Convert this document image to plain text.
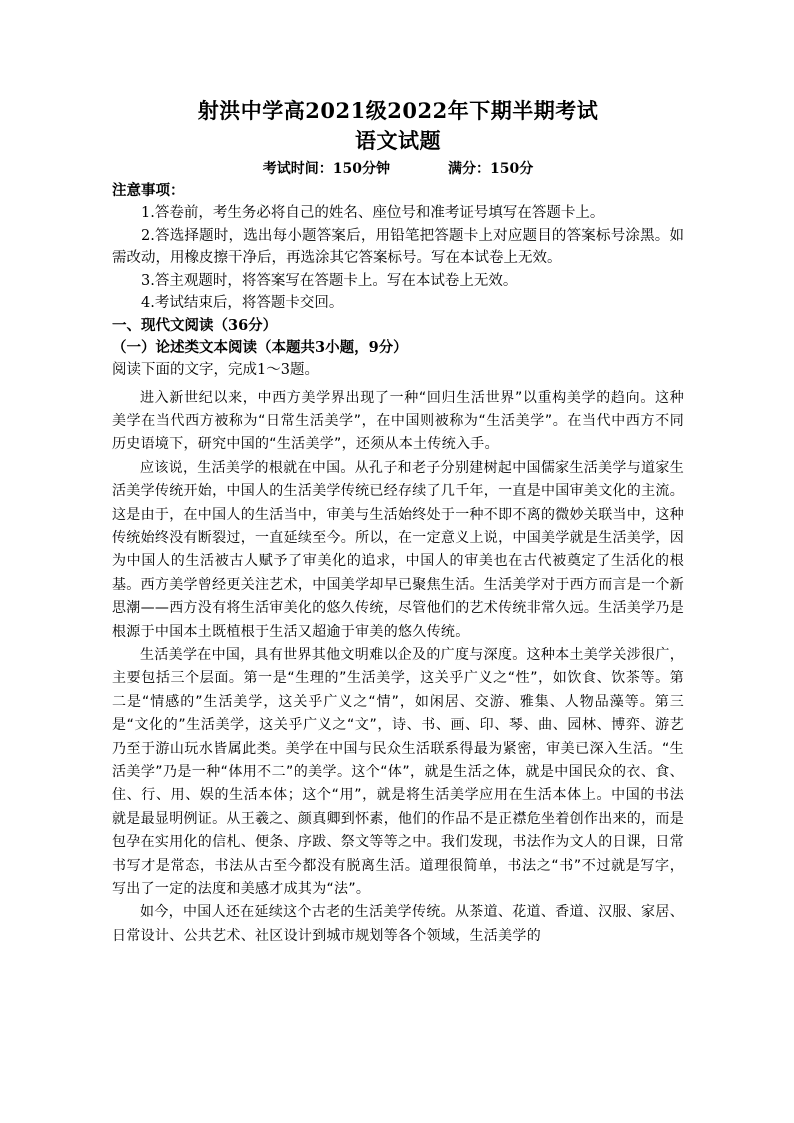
射洪中学高2021级2022年下期半期考试
语文试题
考试时间：150分钟	满分：150分

注意事项：

1.答卷前，考生务必将自己的姓名、座位号和准考证号填写在答题卡上。

2.答选择题时，选出每小题答案后，用铅笔把答题卡上对应题目的答案标号涂黑。如需改动，用橡皮擦干净后，再选涂其它答案标号。写在本试卷上无效。

3.答主观题时，将答案写在答题卡上。写在本试卷上无效。

4.考试结束后，将答题卡交回。

一、现代文阅读（36分）

（一）论述类文本阅读（本题共3小题，9分）

阅读下面的文字，完成1～3题。

进入新世纪以来，中西方美学界出现了一种“回归生活世界”以重构美学的趋向。这种美学在当代西方被称为“日常生活美学”，在中国则被称为“生活美学”。在当代中西方不同历史语境下，研究中国的“生活美学”，还须从本土传统入手。

应该说，生活美学的根就在中国。从孔子和老子分别建树起中国儒家生活美学与道家生活美学传统开始，中国人的生活美学传统已经存续了几千年，一直是中国审美文化的主流。这是由于，在中国人的生活当中，审美与生活始终处于一种不即不离的微妙关联当中，这种传统始终没有断裂过，一直延续至今。所以，在一定意义上说，中国美学就是生活美学，因为中国人的生活被古人赋予了审美化的追求，中国人的审美也在古代被奠定了生活化的根基。西方美学曾经更关注艺术，中国美学却早已聚焦生活。生活美学对于西方而言是一个新思潮——西方没有将生活审美化的悠久传统，尽管他们的艺术传统非常久远。生活美学乃是根源于中国本土既植根于生活又超逾于审美的悠久传统。

生活美学在中国，具有世界其他文明难以企及的广度与深度。这种本土美学关涉很广，主要包括三个层面。第一是“生理的”生活美学，这关乎广义之“性”，如饮食、饮茶等。第二是“情感的”生活美学，这关乎广义之“情”，如闲居、交游、雅集、人物品藻等。第三是“文化的”生活美学，这关乎广义之“文”，诗、书、画、印、琴、曲、园林、博弈、游艺乃至于游山玩水皆属此类。美学在中国与民众生活联系得最为紧密，审美已深入生活。“生活美学”乃是一种“体用不二”的美学。这个“体”，就是生活之体，就是中国民众的衣、食、住、行、用、娱的生活本体；这个“用”，就是将生活美学应用在生活本体上。中国的书法就是最显明例证。从王羲之、颜真卿到怀素，他们的作品不是正襟危坐着创作出来的，而是包孕在实用化的信札、便条、序跋、祭文等等之中。我们发现，书法作为文人的日课，日常书写才是常态，书法从古至今都没有脱离生活。道理很简单，书法之“书”不过就是写字，写出了一定的法度和美感才成其为“法”。

如今，中国人还在延续这个古老的生活美学传统。从茶道、花道、香道、汉服、家居、日常设计、公共艺术、社区设计到城市规划等各个领域，生活美学的
